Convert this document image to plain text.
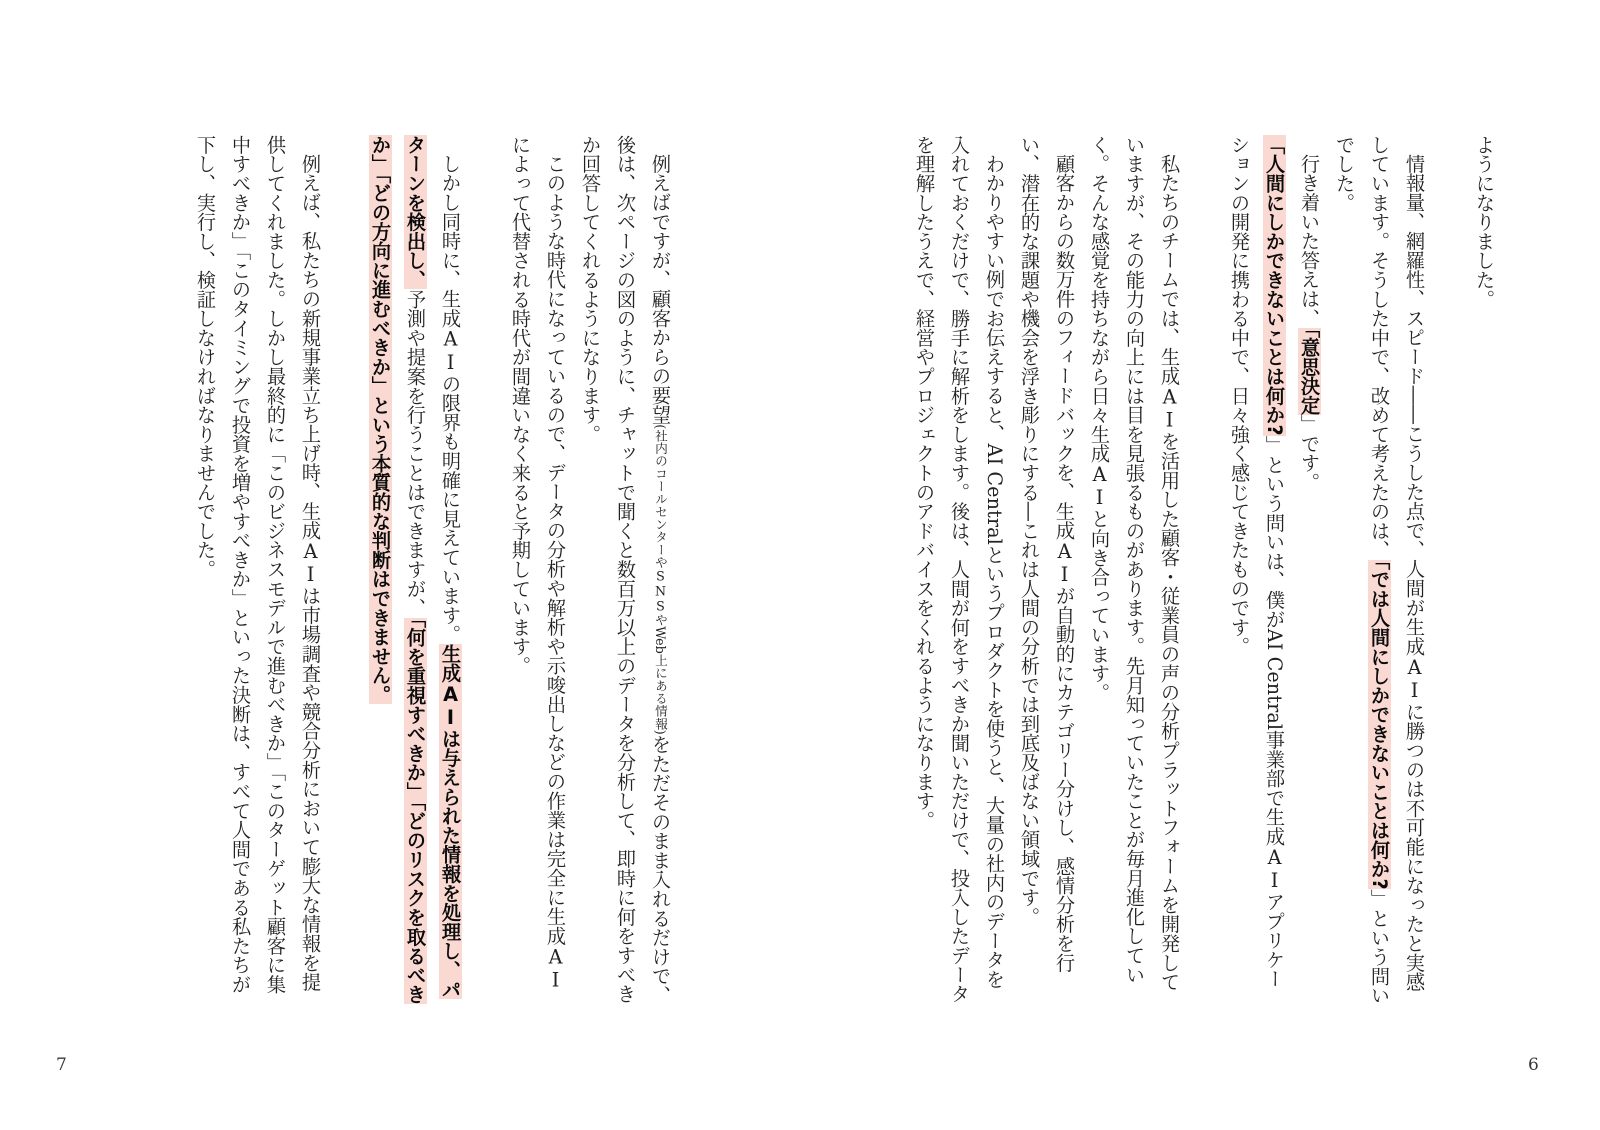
例えばですが、顧客からの要望(社内のコールセンターやSNSやWeb上にある情報)をただそのまま入れるだけで、後は、次ページの図のように、チャットで聞くと数百万以上のデータを分析して、即時に何をすべきか回答してくれるようになります。

このような時代になっているので、データの分析や解析や示唆出しなどの作業は完全に生成AIによって代替される時代が間違いなく来ると予期しています。

しかし同時に、生成AIの限界も明確に見えています。生成AIは与えられた情報を処理し、パターンを検出し、予測や提案を行うことはできますが、「何を重視すべきか」「どのリスクを取るべきか」「どの方向に進むべきか」という本質的な判断はできません。

例えば、私たちの新規事業立ち上げ時、生成AIは市場調査や競合分析において膨大な情報を提供してくれました。しかし最終的に「このビジネスモデルで進むべきか」「このターゲット顧客に集中すべきか」「このタイミングで投資を増やすべきか」といった決断は、すべて人間である私たちが下し、実行し、検証しなければなりませんでした。

7

ようになりました。

情報量、網羅性、スピード――こうした点で、人間が生成AIに勝つのは不可能になったと実感しています。そうした中で、改めて考えたのは、「では人間にしかできないことは何か?」という問いでした。

行き着いた答えは、「意思決定」です。

「人間にしかできないことは何か?」という問いは、僕がAI Central事業部で生成AIアプリケーションの開発に携わる中で、日々強く感じてきたものです。

私たちのチームでは、生成AIを活用した顧客・従業員の声の分析プラットフォームを開発していますが、その能力の向上には目を見張るものがあります。先月知っていたことが毎月進化していく。そんな感覚を持ちながら日々生成AIと向き合っています。

顧客からの数万件のフィードバックを、生成AIが自動的にカテゴリー分けし、感情分析を行い、潜在的な課題や機会を浮き彫りにする―これは人間の分析では到底及ばない領域です。

わかりやすい例でお伝えすると、AI Centralというプロダクトを使うと、大量の社内のデータを入れておくだけで、勝手に解析をします。後は、人間が何をすべきか聞いただけで、投入したデータを理解したうえで、経営やプロジェクトのアドバイスをくれるようになります。

6
